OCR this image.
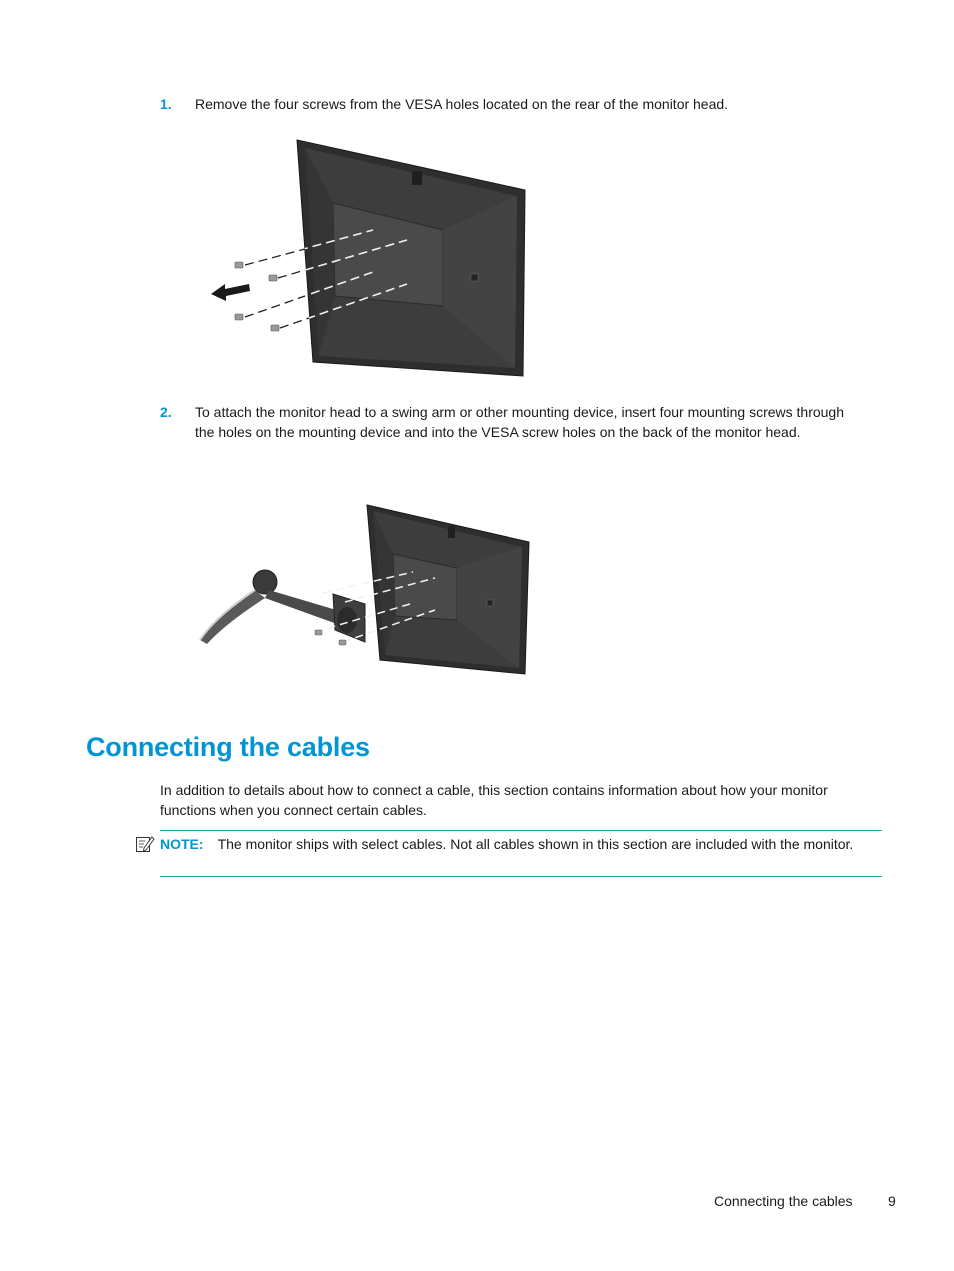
1. Remove the four screws from the VESA holes located on the rear of the monitor head.
2. To attach the monitor head to a swing arm or other mounting device, insert four mounting screws through the holes on the mounting device and into the VESA screw holes on the back of the monitor head.
Connecting the cables

In addition to details about how to connect a cable, this section contains information about how your monitor functions when you connect certain cables.

NOTE: The monitor ships with select cables. Not all cables shown in this section are included with the monitor.
Connecting the cables	9
